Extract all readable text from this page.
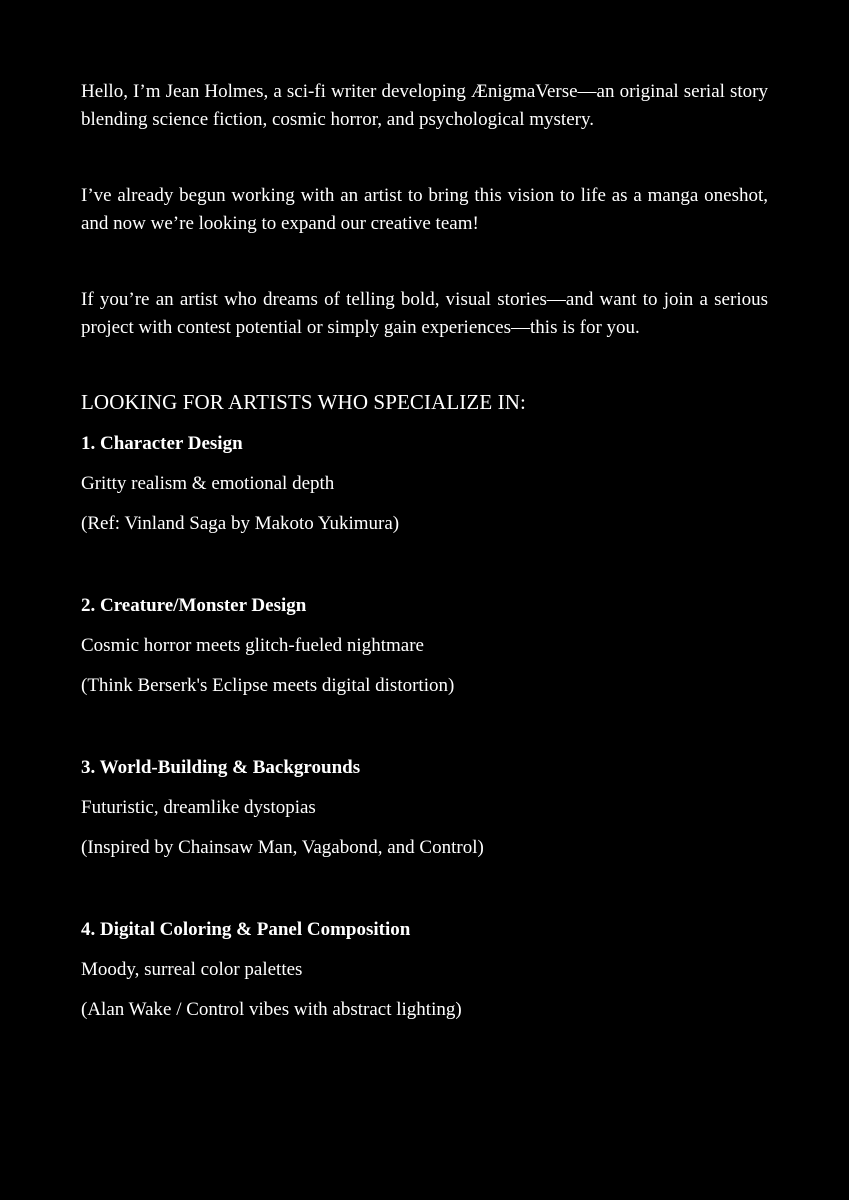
Hello, I’m Jean Holmes, a sci-fi writer developing ÆnigmaVerse—an original serial story blending science fiction, cosmic horror, and psychological mystery.

I’ve already begun working with an artist to bring this vision to life as a manga oneshot, and now we’re looking to expand our creative team!

If you’re an artist who dreams of telling bold, visual stories—and want to join a serious project with contest potential or simply gain experiences—this is for you.

LOOKING FOR ARTISTS WHO SPECIALIZE IN:
1. Character Design
Gritty realism & emotional depth
(Ref: Vinland Saga by Makoto Yukimura)
2. Creature/Monster Design
Cosmic horror meets glitch-fueled nightmare
(Think Berserk's Eclipse meets digital distortion)
3. World-Building & Backgrounds
Futuristic, dreamlike dystopias
(Inspired by Chainsaw Man, Vagabond, and Control)
4. Digital Coloring & Panel Composition
Moody, surreal color palettes
(Alan Wake / Control vibes with abstract lighting)
